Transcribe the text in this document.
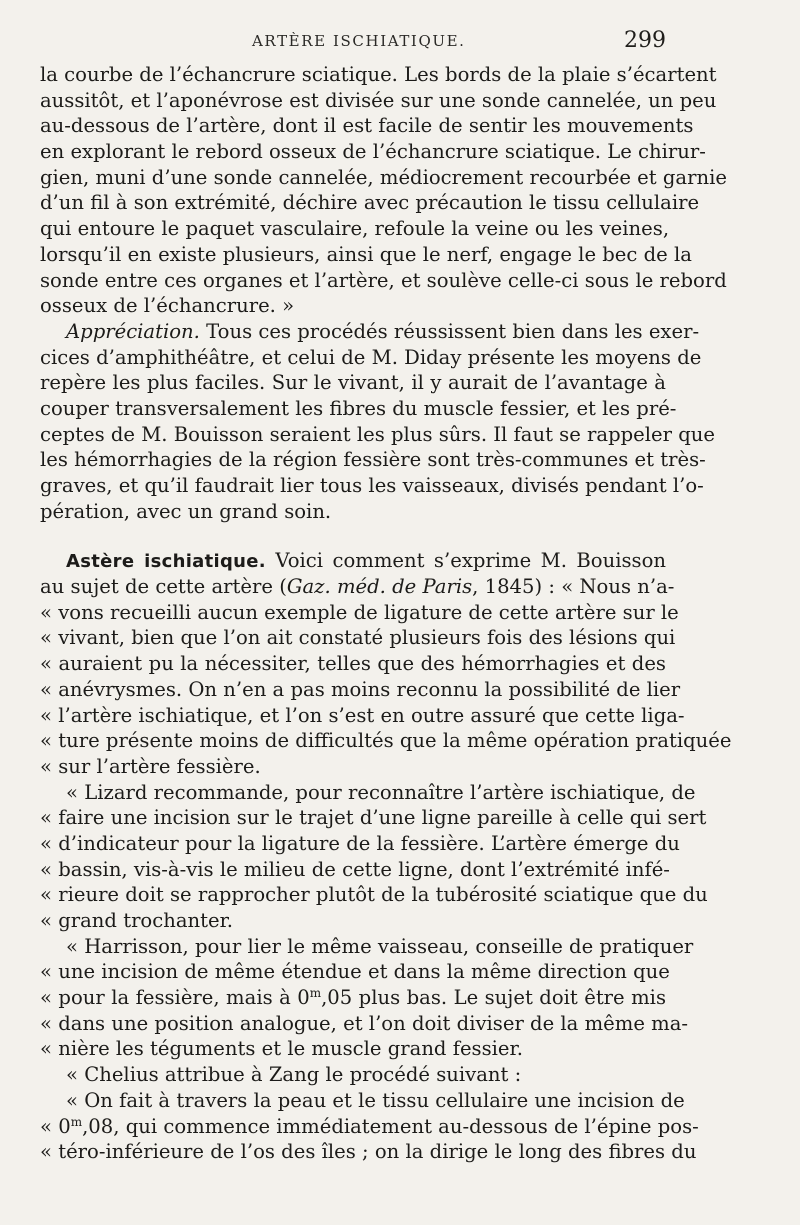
ARTÈRE ISCHIATIQUE.	299
la courbe de l’échancrure sciatique. Les bords de la plaie s’écartent
aussitôt, et l’aponévrose est divisée sur une sonde cannelée, un peu
au-dessous de l’artère, dont il est facile de sentir les mouvements
en explorant le rebord osseux de l’échancrure sciatique. Le chirur-
gien, muni d’une sonde cannelée, médiocrement recourbée et garnie
d’un fil à son extrémité, déchire avec précaution le tissu cellulaire
qui entoure le paquet vasculaire, refoule la veine ou les veines,
lorsqu’il en existe plusieurs, ainsi que le nerf, engage le bec de la
sonde entre ces organes et l’artère, et soulève celle-ci sous le rebord
osseux de l’échancrure. »
Appréciation. Tous ces procédés réussissent bien dans les exer-
cices d’amphithéâtre, et celui de M. Diday présente les moyens de
repère les plus faciles. Sur le vivant, il y aurait de l’avantage à
couper transversalement les fibres du muscle fessier, et les pré-
ceptes de M. Bouisson seraient les plus sûrs. Il faut se rappeler que
les hémorrhagies de la région fessière sont très-communes et très-
graves, et qu’il faudrait lier tous les vaisseaux, divisés pendant l’o-
pération, avec un grand soin.
Astère ischiatique. Voici comment s’exprime M. Bouisson
au sujet de cette artère (Gaz. méd. de Paris, 1845) : « Nous n’a-
« vons recueilli aucun exemple de ligature de cette artère sur le
« vivant, bien que l’on ait constaté plusieurs fois des lésions qui
« auraient pu la nécessiter, telles que des hémorrhagies et des
« anévrysmes. On n’en a pas moins reconnu la possibilité de lier
« l’artère ischiatique, et l’on s’est en outre assuré que cette liga-
« ture présente moins de difficultés que la même opération pratiquée
« sur l’artère fessière.
« Lizard recommande, pour reconnaître l’artère ischiatique, de
« faire une incision sur le trajet d’une ligne pareille à celle qui sert
« d’indicateur pour la ligature de la fessière. L’artère émerge du
« bassin, vis-à-vis le milieu de cette ligne, dont l’extrémité infé-
« rieure doit se rapprocher plutôt de la tubérosité sciatique que du
« grand trochanter.
« Harrisson, pour lier le même vaisseau, conseille de pratiquer
« une incision de même étendue et dans la même direction que
« pour la fessière, mais à 0$^m$,05 plus bas. Le sujet doit être mis
« dans une position analogue, et l’on doit diviser de la même ma-
« nière les téguments et le muscle grand fessier.
« Chelius attribue à Zang le procédé suivant :
« On fait à travers la peau et le tissu cellulaire une incision de
« 0$^m$,08, qui commence immédiatement au-dessous de l’épine pos-
« téro-inférieure de l’os des îles ; on la dirige le long des fibres du
